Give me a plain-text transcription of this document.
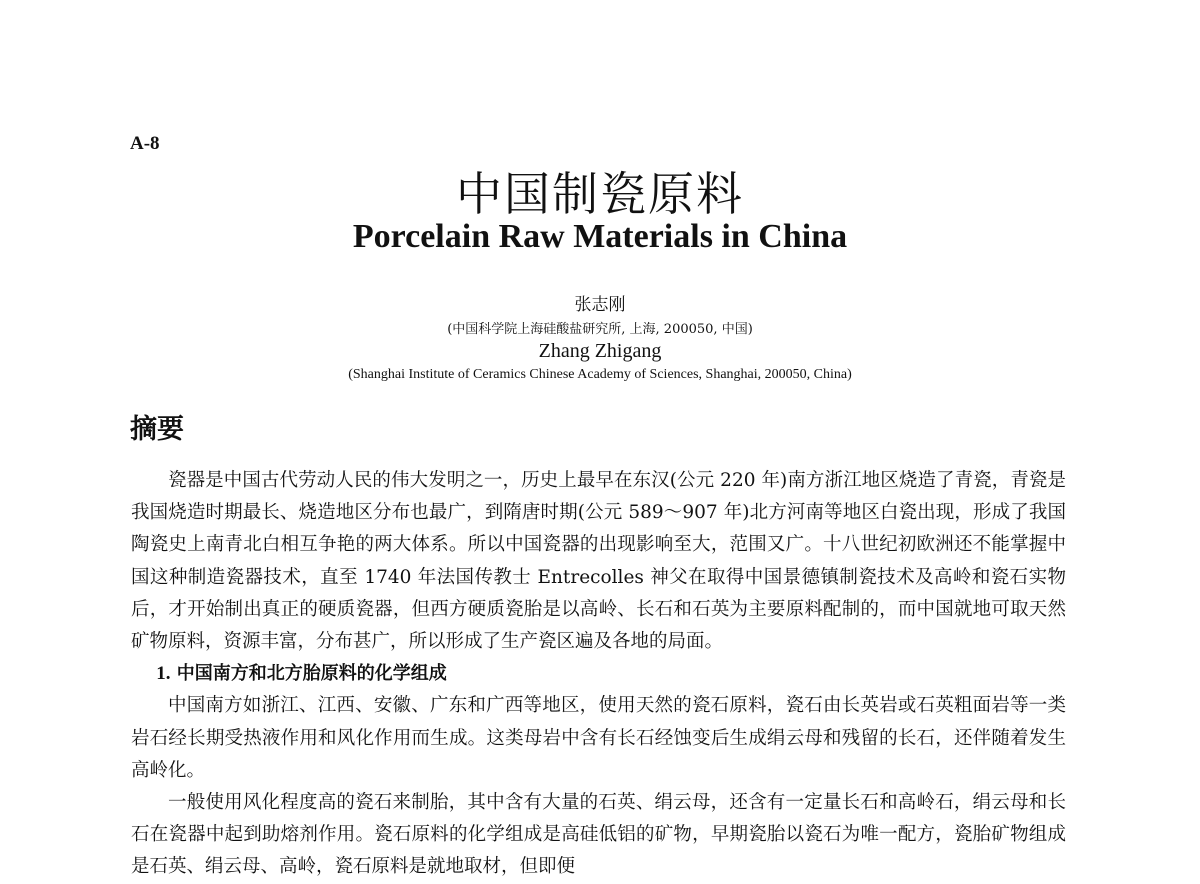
A-8
中国制瓷原料
Porcelain Raw Materials in China
张志刚
(中国科学院上海硅酸盐研究所, 上海, 200050, 中国)
Zhang Zhigang
(Shanghai Institute of Ceramics Chinese Academy of Sciences, Shanghai, 200050, China)
摘要

瓷器是中国古代劳动人民的伟大发明之一，历史上最早在东汉(公元 220 年)南方浙江地区烧造了青瓷，青瓷是我国烧造时期最长、烧造地区分布也最广，到隋唐时期(公元 589～907 年)北方河南等地区白瓷出现，形成了我国陶瓷史上南青北白相互争艳的两大体系。所以中国瓷器的出现影响至大，范围又广。十八世纪初欧洲还不能掌握中国这种制造瓷器技术，直至 1740 年法国传教士 Entrecolles 神父在取得中国景德镇制瓷技术及高岭和瓷石实物后，才开始制出真正的硬质瓷器，但西方硬质瓷胎是以高岭、长石和石英为主要原料配制的，而中国就地可取天然矿物原料，资源丰富，分布甚广，所以形成了生产瓷区遍及各地的局面。

1. 中国南方和北方胎原料的化学组成

中国南方如浙江、江西、安徽、广东和广西等地区，使用天然的瓷石原料，瓷石由长英岩或石英粗面岩等一类岩石经长期受热液作用和风化作用而生成。这类母岩中含有长石经蚀变后生成绢云母和残留的长石，还伴随着发生高岭化。

一般使用风化程度高的瓷石来制胎，其中含有大量的石英、绢云母，还含有一定量长石和高岭石，绢云母和长石在瓷器中起到助熔剂作用。瓷石原料的化学组成是高硅低铝的矿物，早期瓷胎以瓷石为唯一配方，瓷胎矿物组成是石英、绢云母、高岭，瓷石原料是就地取材，但即便
